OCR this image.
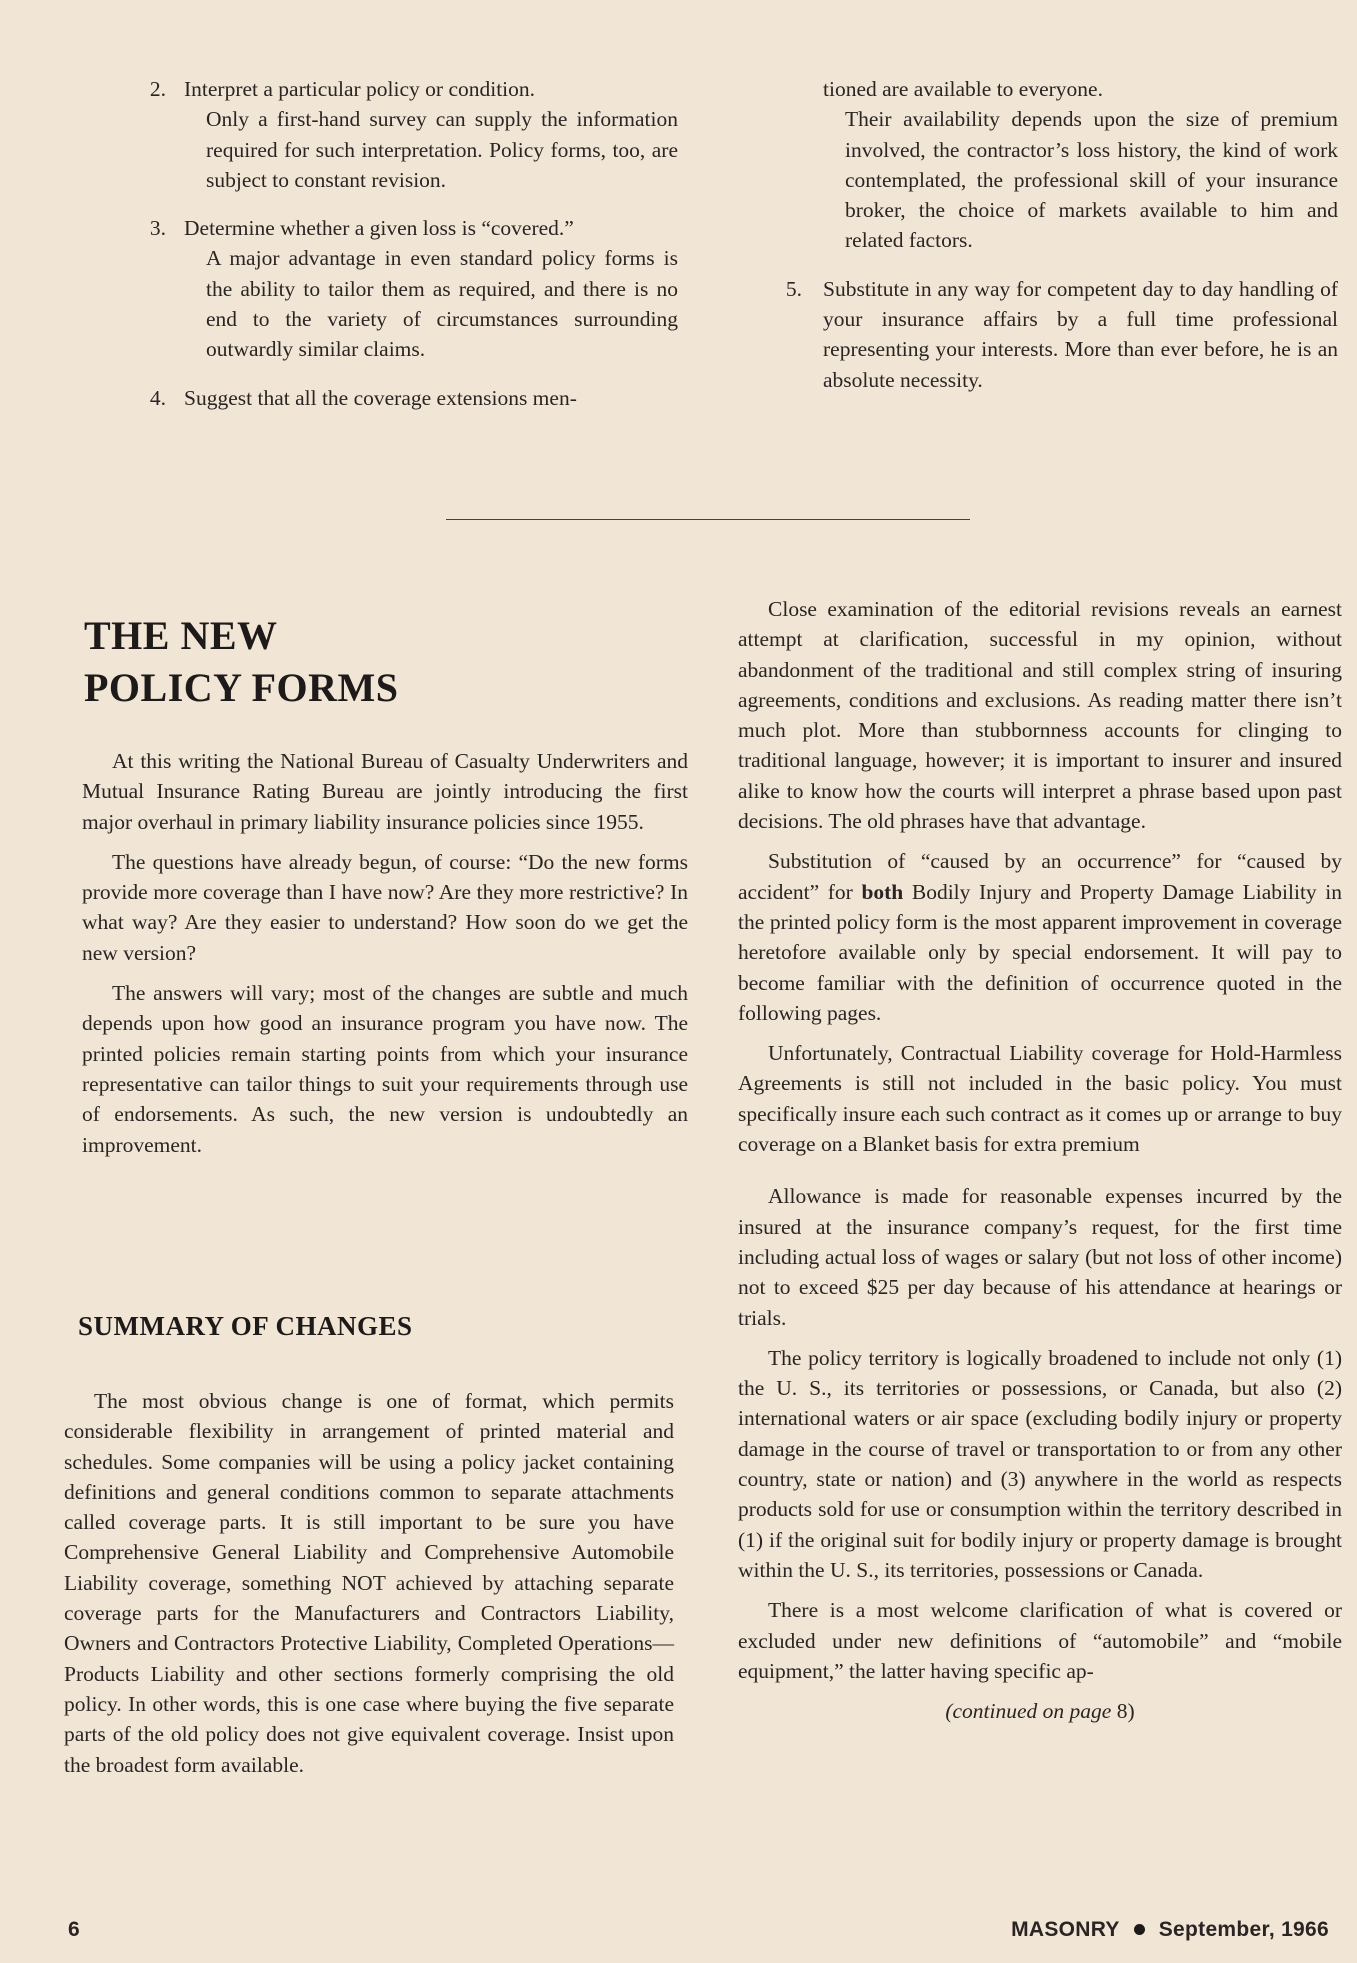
2. Interpret a particular policy or condition.
Only a first-hand survey can supply the information required for such interpretation. Policy forms, too, are subject to constant revision.
3. Determine whether a given loss is “covered.”
A major advantage in even standard policy forms is the ability to tailor them as required, and there is no end to the variety of circumstances surrounding outwardly similar claims.
4. Suggest that all the coverage extensions men-

tioned are available to everyone.

Their availability depends upon the size of premium involved, the contractor’s loss history, the kind of work contemplated, the professional skill of your insurance broker, the choice of markets available to him and related factors.

5. Substitute in any way for competent day to day handling of your insurance affairs by a full time professional representing your interests. More than ever before, he is an absolute necessity.
THE NEW
POLICY FORMS

At this writing the National Bureau of Casualty Underwriters and Mutual Insurance Rating Bureau are jointly introducing the first major overhaul in primary liability insurance policies since 1955.

The questions have already begun, of course: “Do the new forms provide more coverage than I have now? Are they more restrictive? In what way? Are they easier to understand? How soon do we get the new version?

The answers will vary; most of the changes are subtle and much depends upon how good an insurance program you have now. The printed policies remain starting points from which your insurance representative can tailor things to suit your requirements through use of endorsements. As such, the new version is undoubtedly an improvement.

SUMMARY OF CHANGES

The most obvious change is one of format, which permits considerable flexibility in arrangement of printed material and schedules. Some companies will be using a policy jacket containing definitions and general conditions common to separate attachments called coverage parts. It is still important to be sure you have Comprehensive General Liability and Comprehensive Automobile Liability coverage, something NOT achieved by attaching separate coverage parts for the Manufacturers and Contractors Liability, Owners and Contractors Protective Liability, Completed Operations—Products Liability and other sections formerly comprising the old policy. In other words, this is one case where buying the five separate parts of the old policy does not give equivalent coverage. Insist upon the broadest form available.

Close examination of the editorial revisions reveals an earnest attempt at clarification, successful in my opinion, without abandonment of the traditional and still complex string of insuring agreements, conditions and exclusions. As reading matter there isn’t much plot. More than stubbornness accounts for clinging to traditional language, however; it is important to insurer and insured alike to know how the courts will interpret a phrase based upon past decisions. The old phrases have that advantage.

Substitution of “caused by an occurrence” for “caused by accident” for both Bodily Injury and Property Damage Liability in the printed policy form is the most apparent improvement in coverage heretofore available only by special endorsement. It will pay to become familiar with the definition of occurrence quoted in the following pages.

Unfortunately, Contractual Liability coverage for Hold-Harmless Agreements is still not included in the basic policy. You must specifically insure each such contract as it comes up or arrange to buy coverage on a Blanket basis for extra premium

Allowance is made for reasonable expenses incurred by the insured at the insurance company’s request, for the first time including actual loss of wages or salary (but not loss of other income) not to exceed $25 per day because of his attendance at hearings or trials.

The policy territory is logically broadened to include not only (1) the U. S., its territories or possessions, or Canada, but also (2) international waters or air space (excluding bodily injury or property damage in the course of travel or transportation to or from any other country, state or nation) and (3) anywhere in the world as respects products sold for use or consumption within the territory described in (1) if the original suit for bodily injury or property damage is brought within the U. S., its territories, possessions or Canada.

There is a most welcome clarification of what is covered or excluded under new definitions of “automobile” and “mobile equipment,” the latter having specific ap-

(continued on page 8)

6	MASONRY September, 1966
